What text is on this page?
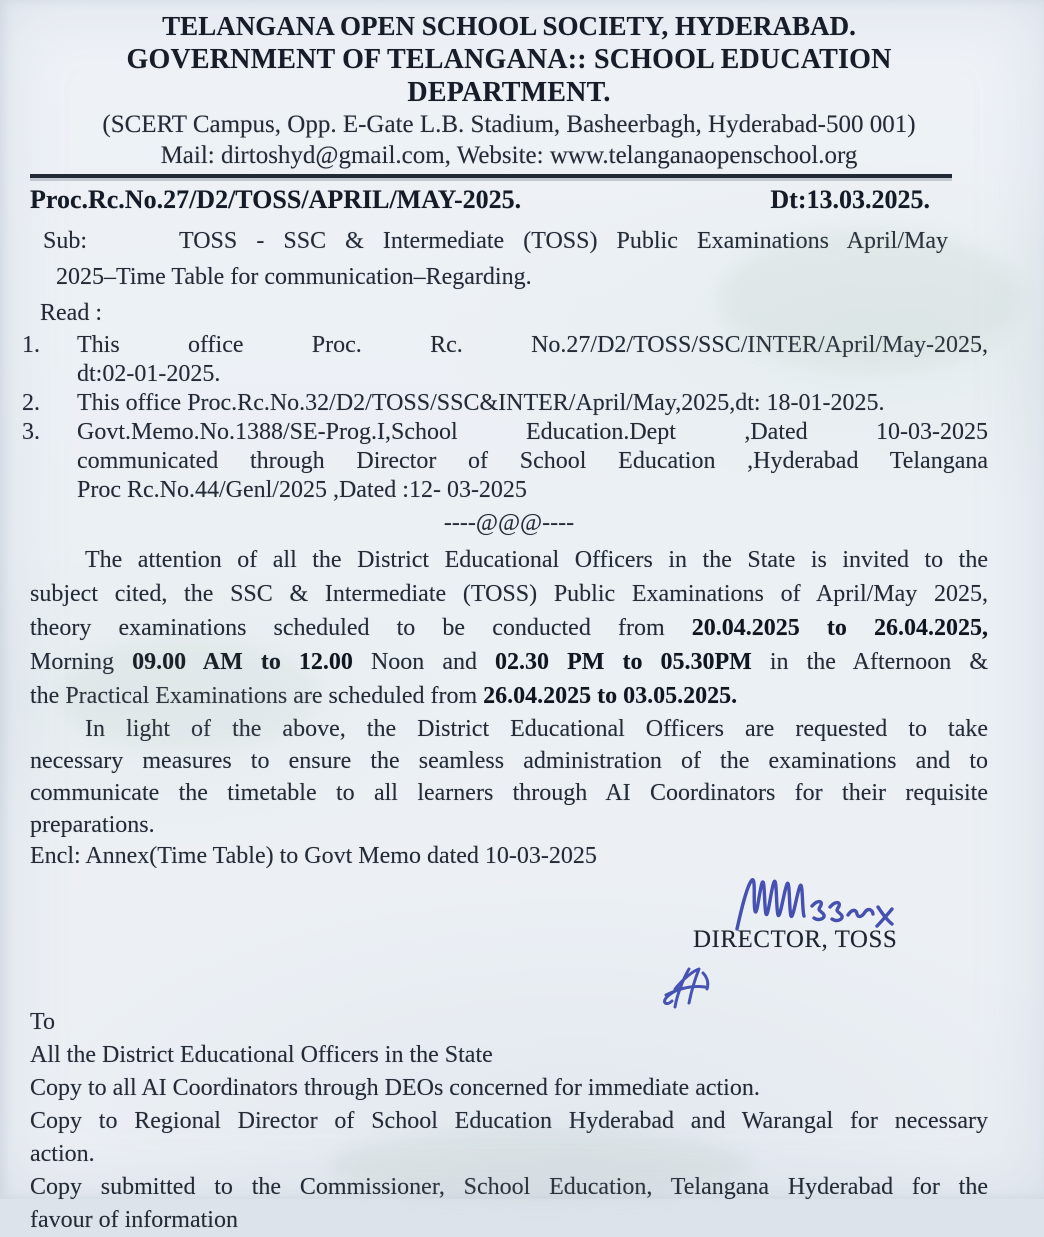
TELANGANA OPEN SCHOOL SOCIETY, HYDERABAD.
GOVERNMENT OF TELANGANA:: SCHOOL EDUCATION DEPARTMENT.
(SCERT Campus, Opp. E-Gate L.B. Stadium, Basheerbagh, Hyderabad-500 001)
Mail: dirtoshyd@gmail.com, Website: www.telanganaopenschool.org
Proc.Rc.No.27/D2/TOSS/APRIL/MAY-2025.	Dt:13.03.2025.
Sub:	TOSS - SSC & Intermediate (TOSS) Public Examinations April/May
2025–Time Table for communication–Regarding.
Read :
1.	This office Proc. Rc. No.27/D2/TOSS/SSC/INTER/April/May-2025,
dt:02-01-2025.
2.	This office Proc.Rc.No.32/D2/TOSS/SSC&INTER/April/May,2025,dt: 18-01-2025.
3.	Govt.Memo.No.1388/SE-Prog.I,School Education.Dept ,Dated 10-03-2025
communicated through Director of School Education ,Hyderabad Telangana
Proc Rc.No.44/Genl/2025 ,Dated :12- 03-2025
----@@@----
The attention of all the District Educational Officers in the State is invited to the
subject cited, the SSC & Intermediate (TOSS) Public Examinations of April/May 2025,
theory examinations scheduled to be conducted from 20.04.2025 to 26.04.2025,
Morning 09.00 AM to 12.00 Noon and 02.30 PM to 05.30PM in the Afternoon &
the Practical Examinations are scheduled from 26.04.2025 to 03.05.2025.
In light of the above, the District Educational Officers are requested to take
necessary measures to ensure the seamless administration of the examinations and to
communicate the timetable to all learners through AI Coordinators for their requisite
preparations.
Encl: Annex(Time Table) to Govt Memo dated 10-03-2025
DIRECTOR, TOSS
To
All the District Educational Officers in the State
Copy to all AI Coordinators through DEOs concerned for immediate action.
Copy to Regional Director of School Education Hyderabad and Warangal for necessary
action.
Copy submitted to the Commissioner, School Education, Telangana Hyderabad for the
favour of information
